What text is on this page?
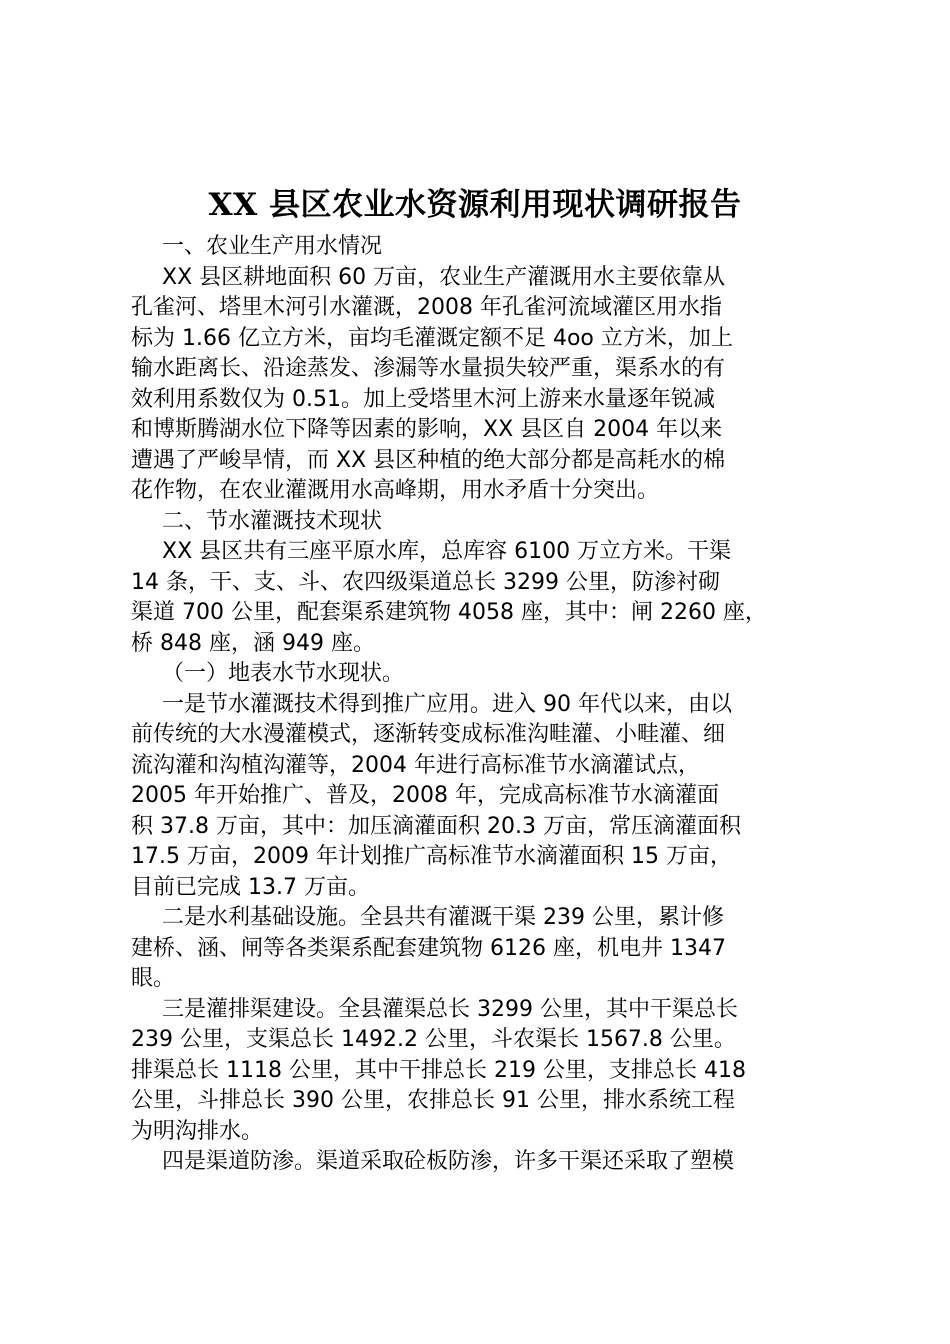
XX 县区农业水资源利用现状调研报告
一、农业生产用水情况
XX 县区耕地面积 60 万亩，农业生产灌溉用水主要依靠从
孔雀河、塔里木河引水灌溉，2008 年孔雀河流域灌区用水指
标为 1.66 亿立方米，亩均毛灌溉定额不足 4oo 立方米，加上
输水距离长、沿途蒸发、渗漏等水量损失较严重，渠系水的有
效利用系数仅为 0.51。加上受塔里木河上游来水量逐年锐减
和博斯腾湖水位下降等因素的影响，XX 县区自 2004 年以来
遭遇了严峻旱情，而 XX 县区种植的绝大部分都是高耗水的棉
花作物，在农业灌溉用水高峰期，用水矛盾十分突出。
二、节水灌溉技术现状
XX 县区共有三座平原水库，总库容 6100 万立方米。干渠
14 条，干、支、斗、农四级渠道总长 3299 公里，防渗衬砌
渠道 700 公里，配套渠系建筑物 4058 座，其中：闸 2260 座，
桥 848 座，涵 949 座。
（一）地表水节水现状。
一是节水灌溉技术得到推广应用。进入 90 年代以来，由以
前传统的大水漫灌模式，逐渐转变成标准沟畦灌、小畦灌、细
流沟灌和沟植沟灌等，2004 年进行高标准节水滴灌试点，
2005 年开始推广、普及，2008 年，完成高标准节水滴灌面
积 37.8 万亩，其中：加压滴灌面积 20.3 万亩，常压滴灌面积
17.5 万亩，2009 年计划推广高标准节水滴灌面积 15 万亩，
目前已完成 13.7 万亩。
二是水利基础设施。全县共有灌溉干渠 239 公里，累计修
建桥、涵、闸等各类渠系配套建筑物 6126 座，机电井 1347
眼。
三是灌排渠建设。全县灌渠总长 3299 公里，其中干渠总长
239 公里，支渠总长 1492.2 公里，斗农渠长 1567.8 公里。
排渠总长 1118 公里，其中干排总长 219 公里，支排总长 418
公里，斗排总长 390 公里，农排总长 91 公里，排水系统工程
为明沟排水。
四是渠道防渗。渠道采取砼板防渗，许多干渠还采取了塑模
